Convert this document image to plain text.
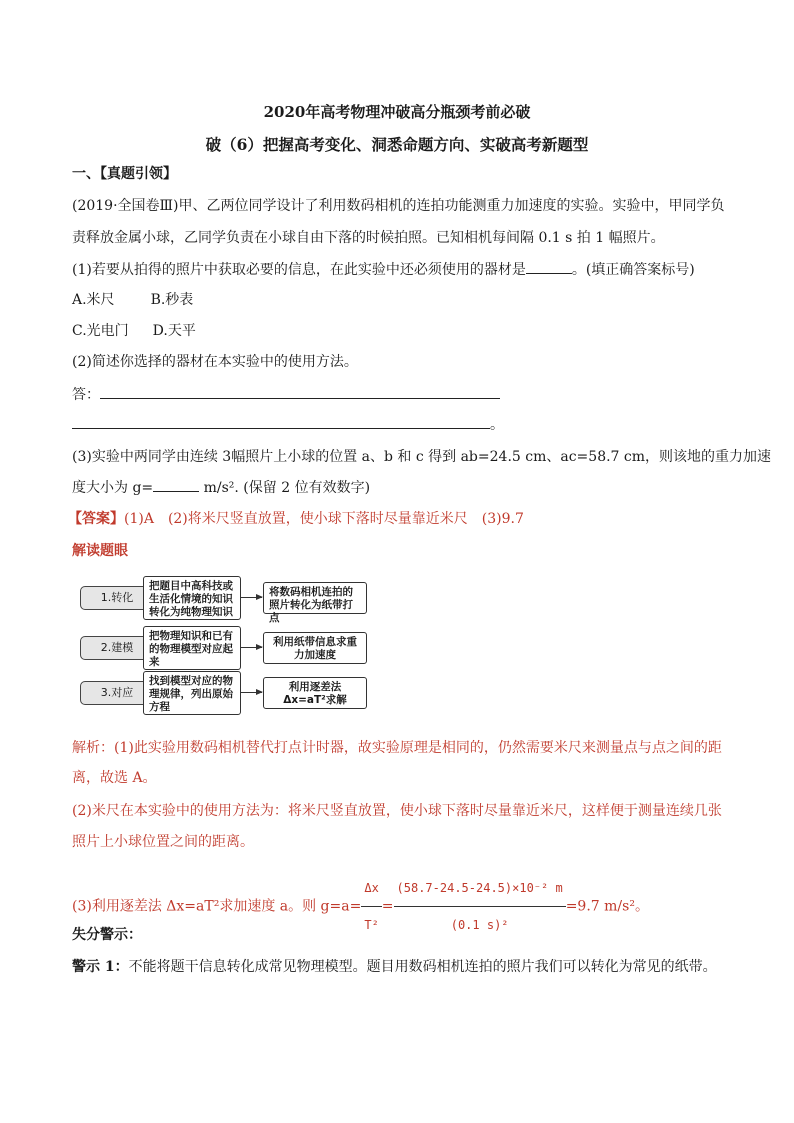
2020年高考物理冲破高分瓶颈考前必破
破（6）把握高考变化、洞悉命题方向、实破高考新题型
一、【真题引领】
(2019·全国卷Ⅲ)甲、乙两位同学设计了利用数码相机的连拍功能测重力加速度的实验。实验中，甲同学负
责释放金属小球，乙同学负责在小球自由下落的时候拍照。已知相机每间隔 0.1 s 拍 1 幅照片。
(1)若要从拍得的照片中获取必要的信息，在此实验中还必须使用的器材是	。(填正确答案标号)
A.米尺	B.秒表
C.光电门 D.天平
(2)简述你选择的器材在本实验中的使用方法。
答：
。
(3)实验中两同学由连续 3幅照片上小球的位置 a、b 和 c 得到 ab=24.5 cm、ac=58.7 cm，则该地的重力加速
度大小为 g=	m/s². (保留 2 位有效数字)
【答案】(1)A　(2)将米尺竖直放置，使小球下落时尽量靠近米尺　(3)9.7
解读题眼
1.转化
把题目中高科技或生活化情境的知识转化为纯物理知识
将数码相机连拍的照片转化为纸带打点
2.建模
把物理知识和已有的物理模型对应起来
利用纸带信息求重力加速度
3.对应
找到模型对应的物理规律，列出原始方程
利用逐差法Δx=aT²求解
解析：(1)此实验用数码相机替代打点计时器，故实验原理是相同的，仍然需要米尺来测量点与点之间的距
离，故选 A。
(2)米尺在本实验中的使用方法为：将米尺竖直放置，使小球下落时尽量靠近米尺，这样便于测量连续几张
照片上小球位置之间的距离。
(3)利用逐差法 Δx=aT²求加速度 a。则 $g=a= \frac{\Delta x}{\text{T²}} = \frac{\text{(58.7-24.5-24.5)×10⁻² m}}{\text{(0.1 s)²}} =9.7$ m/s²。
失分警示：
警示 1：不能将题干信息转化成常见物理模型。题目用数码相机连拍的照片我们可以转化为常见的纸带。
